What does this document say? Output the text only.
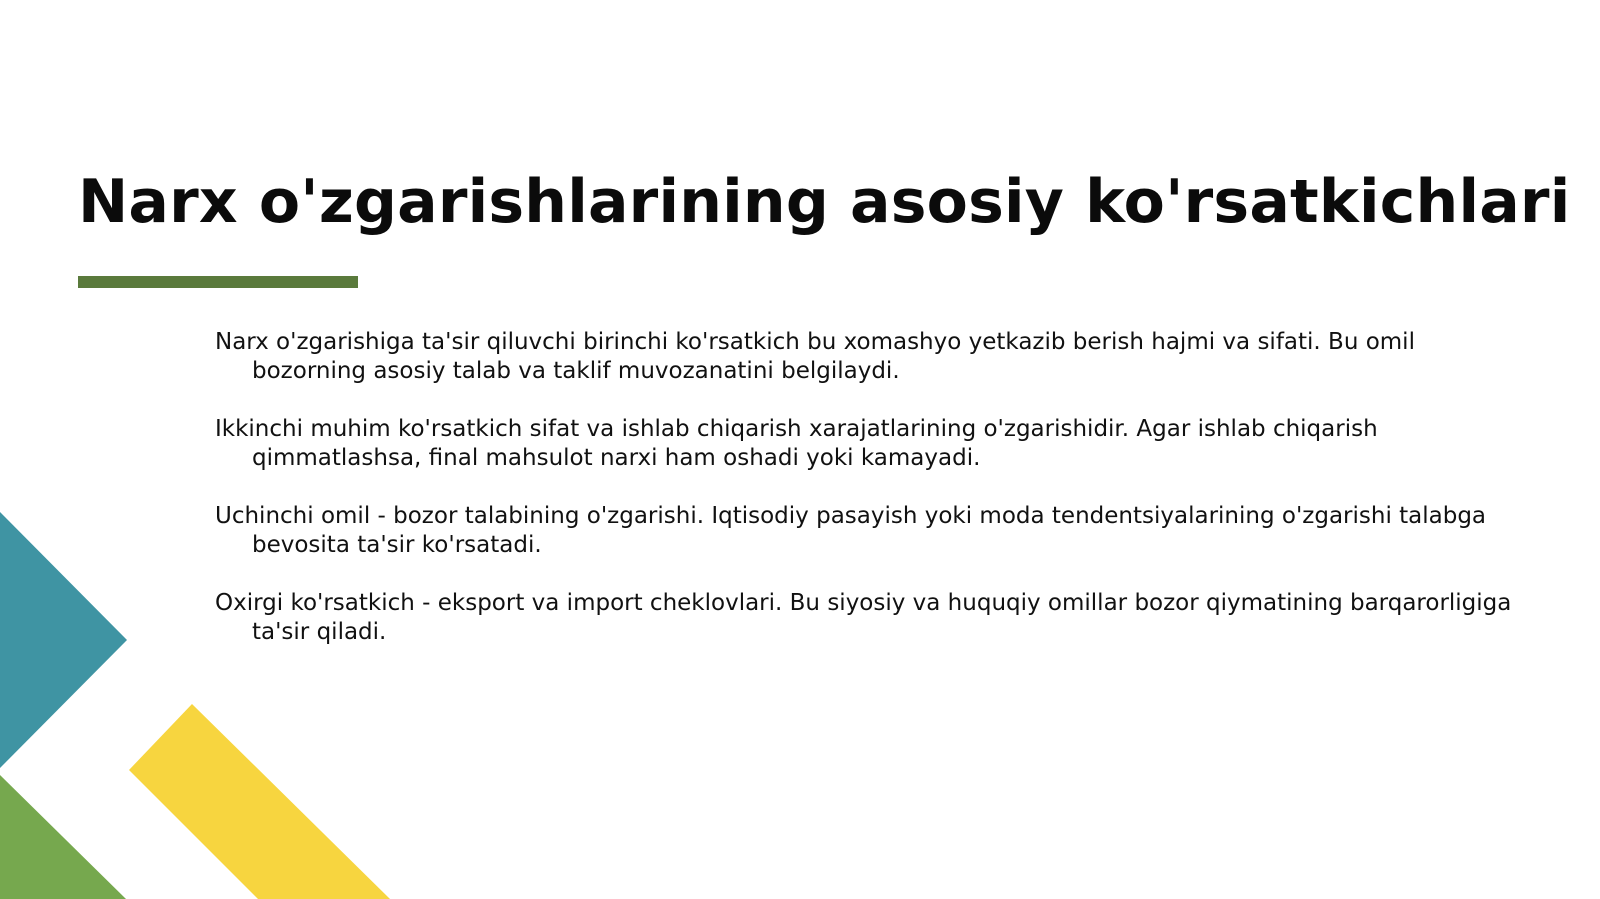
Narx o'zgarishlarining asosiy ko'rsatkichlari
Narx o'zgarishiga ta'sir qiluvchi birinchi ko'rsatkich bu xomashyo yetkazib berish hajmi va sifati. Bu omil bozorning asosiy talab va taklif muvozanatini belgilaydi.
Ikkinchi muhim ko'rsatkich sifat va ishlab chiqarish xarajatlarining o'zgarishidir. Agar ishlab chiqarish qimmatlashsa, final mahsulot narxi ham oshadi yoki kamayadi.
Uchinchi omil - bozor talabining o'zgarishi. Iqtisodiy pasayish yoki moda tendentsiyalarining o'zgarishi talabga bevosita ta'sir ko'rsatadi.
Oxirgi ko'rsatkich - eksport va import cheklovlari. Bu siyosiy va huquqiy omillar bozor qiymatining barqarorligiga ta'sir qiladi.
